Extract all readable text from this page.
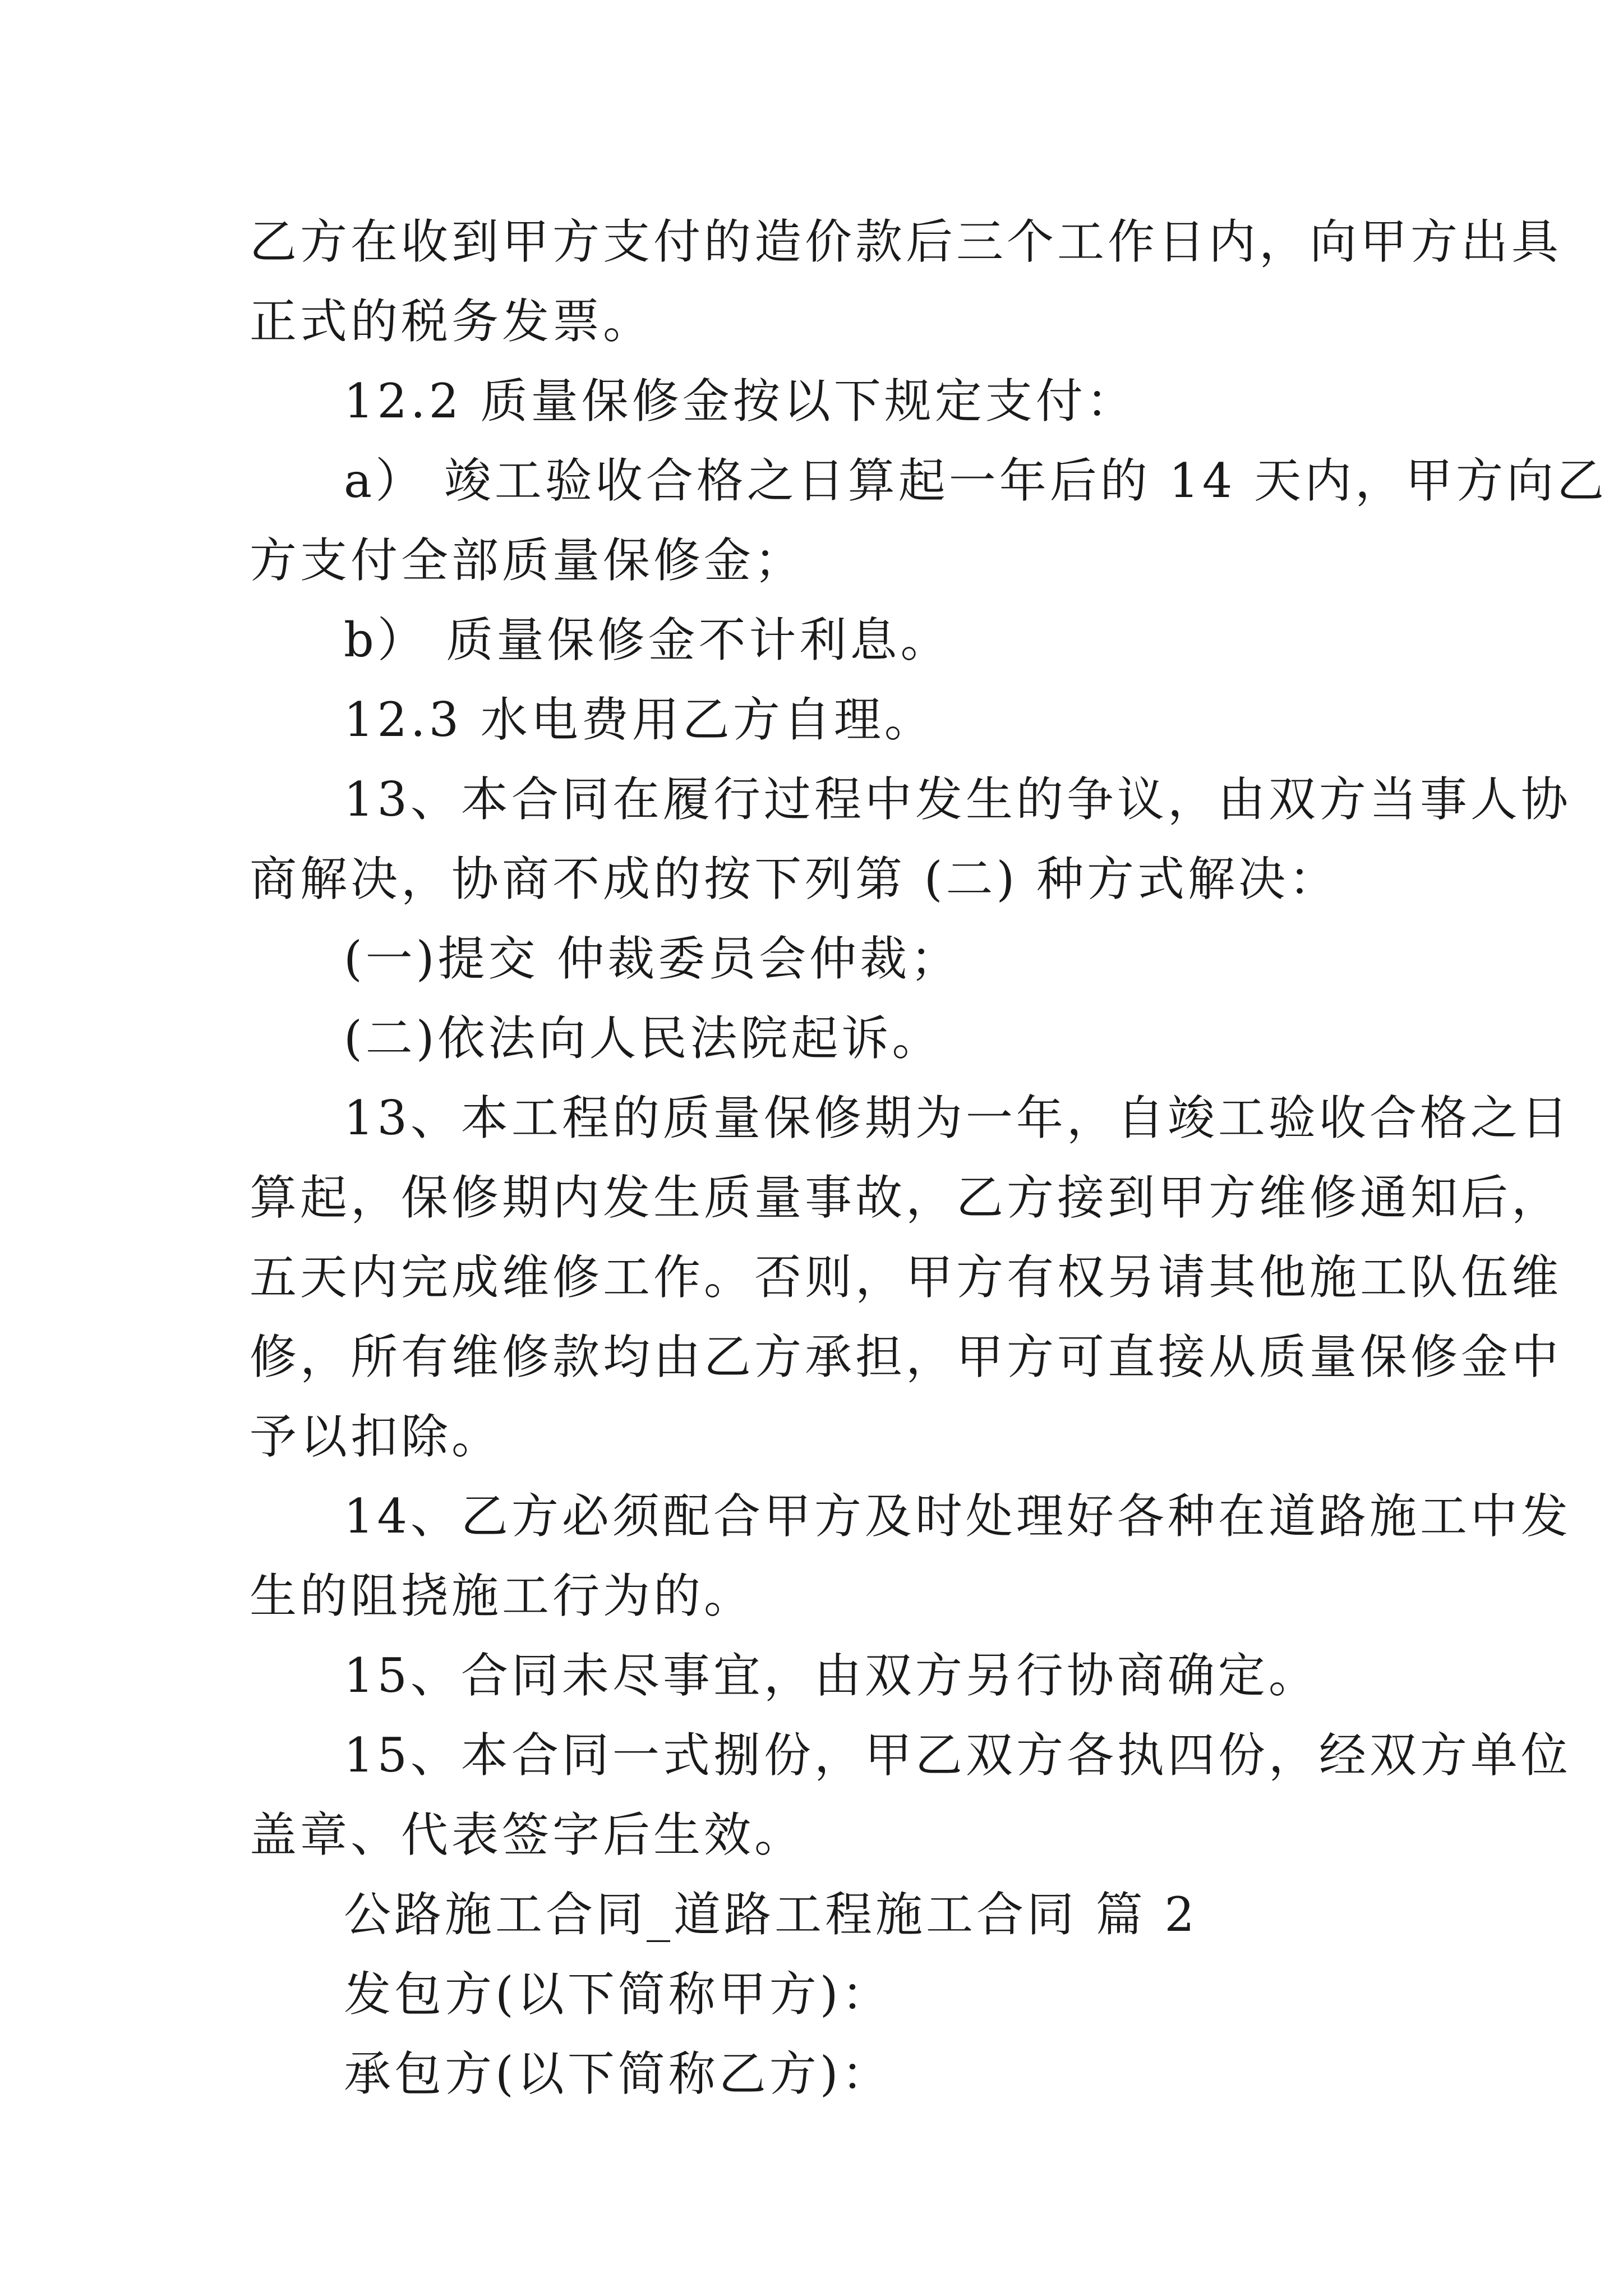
乙方在收到甲方支付的造价款后三个工作日内，向甲方出具
正式的税务发票。
12.2 质量保修金按以下规定支付：
a） 竣工验收合格之日算起一年后的 14 天内，甲方向乙
方支付全部质量保修金；
b） 质量保修金不计利息。
12.3 水电费用乙方自理。
13、本合同在履行过程中发生的争议，由双方当事人协
商解决，协商不成的按下列第 (二) 种方式解决：
(一)提交 仲裁委员会仲裁；
(二)依法向人民法院起诉。
13、本工程的质量保修期为一年，自竣工验收合格之日
算起，保修期内发生质量事故，乙方接到甲方维修通知后，
五天内完成维修工作。否则，甲方有权另请其他施工队伍维
修，所有维修款均由乙方承担，甲方可直接从质量保修金中
予以扣除。
14、乙方必须配合甲方及时处理好各种在道路施工中发
生的阻挠施工行为的。
15、合同未尽事宜，由双方另行协商确定。
15、本合同一式捌份，甲乙双方各执四份，经双方单位
盖章、代表签字后生效。
公路施工合同_道路工程施工合同 篇 2
发包方(以下简称甲方)：
承包方(以下简称乙方)：
